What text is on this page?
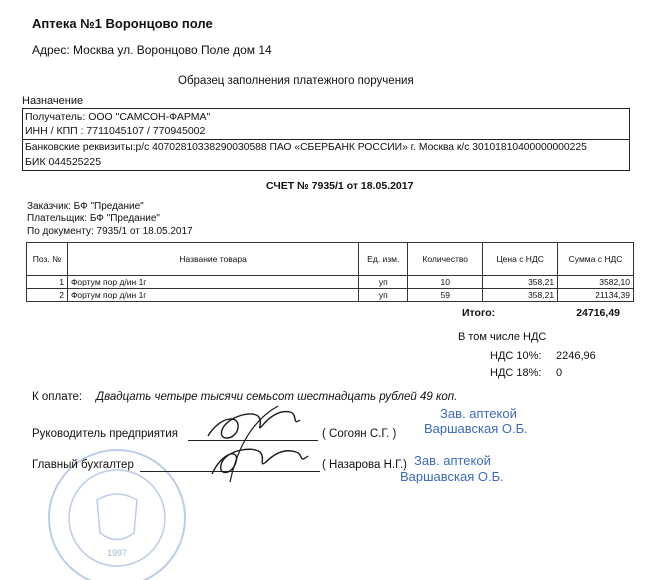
Аптека №1 Воронцово поле
Адрес: Москва ул. Воронцово Поле дом 14
Образец заполнения платежного поручения
Назначение
Получатель: ООО "САМСОН-ФАРМА"
ИНН / КПП : 7711045107 / 770945002
Банковские реквизиты:р/с 40702810338290030588 ПАО «СБЕРБАНК РОССИИ» г. Москва к/с 30101810400000000225
БИК 044525225
СЧЕТ № 7935/1 от 18.05.2017
Заказчик: БФ "Предание"
Плательщик: БФ "Предание"
По документу: 7935/1 от 18.05.2017
Поз. №	Название товара	Ед. изм.	Количество	Цена с НДС	Сумма с НДС
1	Фортум пор д/ин 1г	уп	10	358,21	3582,10
2	Фортум пор д/ин 1г	уп	59	358,21	21134,39
Итого:	24716,49
В том числе НДС
НДС 10%: 2246,96
НДС 18%: 0
1997
К оплате: Двадцать четыре тысячи семьсот шестнадцать рублей 49 коп.
Руководитель предприятия	( Согоян С.Г. )
Главный бухгалтер	( Назарова Н.Г.)
Зав. аптекой
Варшавская О.Б.
Зав. аптекой
Варшавская О.Б.
